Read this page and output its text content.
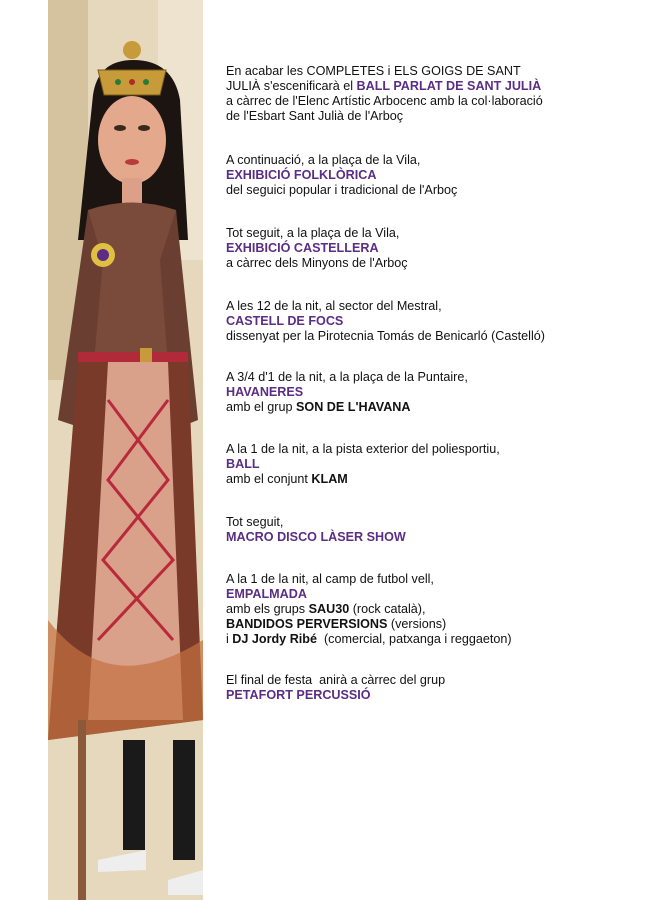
En acabar les COMPLETES i ELS GOIGS DE SANT

JULIÀ s'escenificarà el BALL PARLAT DE SANT JULIÀ

a càrrec de l'Elenc Artístic Arbocenc amb la col·laboració

de l'Esbart Sant Julià de l'Arboç

A continuació, a la plaça de la Vila,

EXHIBICIÓ FOLKLÒRICA

del seguici popular i tradicional de l'Arboç

Tot seguit, a la plaça de la Vila,

EXHIBICIÓ CASTELLERA

a càrrec dels Minyons de l'Arboç

A les 12 de la nit, al sector del Mestral,

CASTELL DE FOCS

dissenyat per la Pirotecnia Tomás de Benicarló (Castelló)

A 3/4 d'1 de la nit, a la plaça de la Puntaire,

HAVANERES

amb el grup SON DE L'HAVANA

A la 1 de la nit, a la pista exterior del poliesportiu,

BALL

amb el conjunt KLAM

Tot seguit,

MACRO DISCO LÀSER SHOW

A la 1 de la nit, al camp de futbol vell,

EMPALMADA

amb els grups SAU30 (rock català),

BANDIDOS PERVERSIONS (versions)

i DJ Jordy Ribé  (comercial, patxanga i reggaeton)

El final de festa  anirà a càrrec del grup

PETAFORT PERCUSSIÓ
